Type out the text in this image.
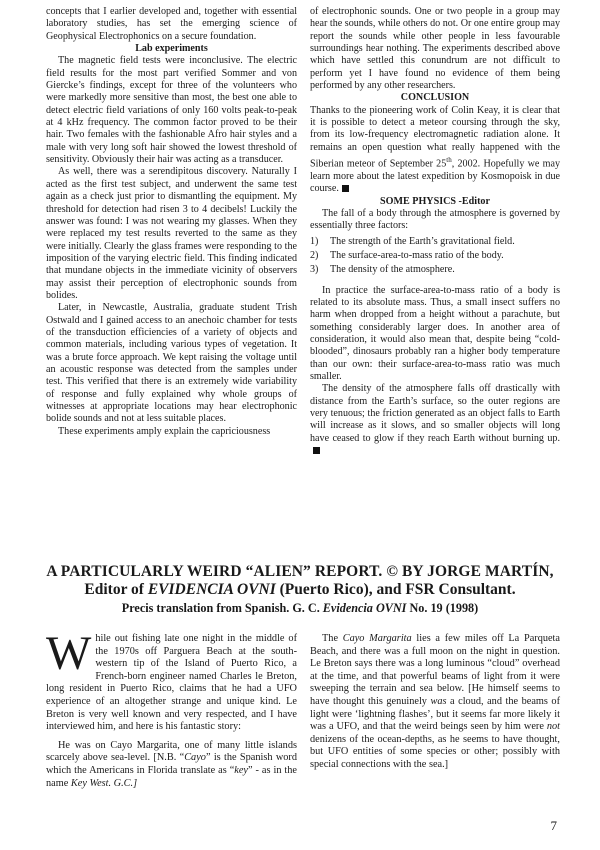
concepts that I earlier developed and, together with essential laboratory studies, has set the emerging science of Geophysical Electrophonics on a secure foundation.

Lab experiments

The magnetic field tests were inconclusive. The electric field results for the most part verified Sommer and von Giercke’s findings, except for three of the volunteers who were markedly more sensitive than most, the best one able to detect electric field variations of only 160 volts peak-to-peak at 4 kHz frequency. The common factor proved to be their hair. Two females with the fashionable Afro hair styles and a male with very long soft hair showed the lowest threshold of sensitivity. Obviously their hair was acting as a transducer.

As well, there was a serendipitous discovery. Naturally I acted as the first test subject, and underwent the same test again as a check just prior to dismantling the equipment. My threshold for detection had risen 3 to 4 decibels! Luckily the answer was found: I was not wearing my glasses. When they were replaced my test results reverted to the same as they were initially. Clearly the glass frames were responding to the imposition of the varying electric field. This finding indicated that mundane objects in the immediate vicinity of observers may assist their perception of electrophonic sounds from bolides.

Later, in Newcastle, Australia, graduate student Trish Ostwald and I gained access to an anechoic chamber for tests of the transduction efficiencies of a variety of objects and common materials, including various types of vegetation. It was a brute force approach. We kept raising the voltage until an acoustic response was detected from the samples under test. This verified that there is an extremely wide variability of response and fully explained why whole groups of witnesses at appropriate locations may hear electrophonic bolide sounds and not at less suitable places.

These experiments amply explain the capriciousness

of electrophonic sounds. One or two people in a group may hear the sounds, while others do not. Or one entire group may report the sounds while other people in less favourable surroundings hear nothing. The experiments described above which have settled this conundrum are not difficult to perform yet I have found no evidence of them being performed by any other researchers.

CONCLUSION

Thanks to the pioneering work of Colin Keay, it is clear that it is possible to detect a meteor coursing through the sky, from its low-frequency electromagnetic radiation alone. It remains an open question what really happened with the Siberian meteor of September 25th, 2002. Hopefully we may learn more about the latest expedition by Kosmopoisk in due course.

SOME PHYSICS -Editor

The fall of a body through the atmosphere is governed by essentially three factors:

1)	The strength of the Earth’s gravitational field.
2)	The surface-area-to-mass ratio of the body.
3)	The density of the atmosphere.

In practice the surface-area-to-mass ratio of a body is related to its absolute mass. Thus, a small insect suffers no harm when dropped from a height without a parachute, but something considerably larger does. In another area of consideration, it would also mean that, despite being “cold-blooded”, dinosaurs probably ran a higher body temperature than our own: their surface-area-to-mass ratio was much smaller.

The density of the atmosphere falls off drastically with distance from the Earth’s surface, so the outer regions are very tenuous; the friction generated as an object falls to Earth will increase as it slows, and so smaller objects will long have ceased to glow if they reach Earth without burning up.

A PARTICULARLY WEIRD “ALIEN” REPORT. © BY JORGE MARTÍN,
Editor of EVIDENCIA OVNI (Puerto Rico), and FSR Consultant.
Precis translation from Spanish. G. C. Evidencia OVNI No. 19 (1998)

While out fishing late one night in the middle of the 1970s off Parguera Beach at the south-western tip of the Island of Puerto Rico, a French-born engineer named Charles le Breton, long resident in Puerto Rico, claims that he had a UFO experience of an altogether strange and unique kind. Le Breton is very well known and very respected, and I have interviewed him, and here is his fantastic story:

He was on Cayo Margarita, one of many little islands scarcely above sea-level. [N.B. “Cayo” is the Spanish word which the Americans in Florida translate as “key” - as in the name Key West. G.C.]

The Cayo Margarita lies a few miles off La Parqueta Beach, and there was a full moon on the night in question. Le Breton says there was a long luminous “cloud” overhead at the time, and that powerful beams of light from it were sweeping the terrain and sea below. [He himself seems to have thought this genuinely was a cloud, and the beams of light were ‘lightning flashes’, but it seems far more likely it was a UFO, and that the weird beings seen by him were not denizens of the ocean-depths, as he seems to have thought, but UFO entities of some species or other; possibly with special connections with the sea.]

7
